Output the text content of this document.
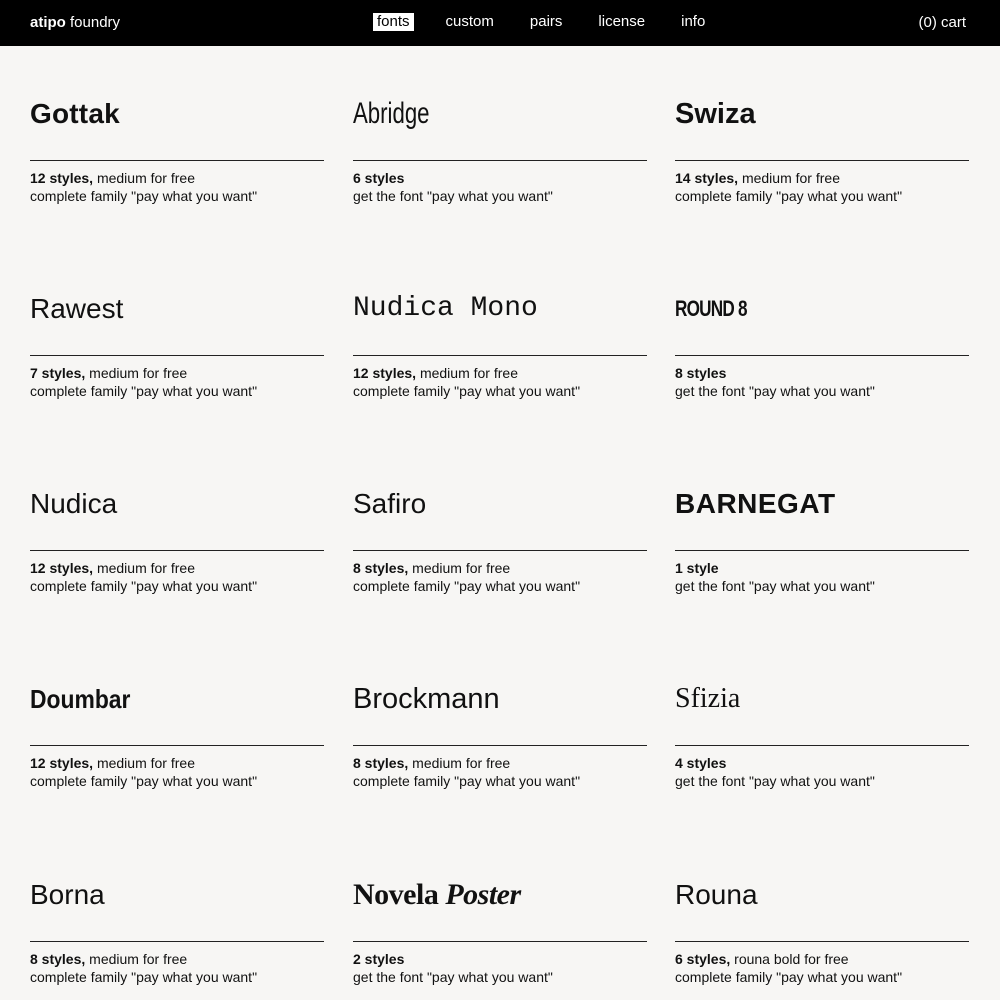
atipo foundry	fonts custom pairs license info	(0) cart
Gottak
12 styles, medium for free
complete family "pay what you want"
Abridge
6 styles
get the font "pay what you want"
Swiza
14 styles, medium for free
complete family "pay what you want"
Rawest
7 styles, medium for free
complete family "pay what you want"
Nudica Mono
12 styles, medium for free
complete family "pay what you want"
ROUND 8
8 styles
get the font "pay what you want"
Nudica
12 styles, medium for free
complete family "pay what you want"
Safiro
8 styles, medium for free
complete family "pay what you want"
BARNEGAT
1 style
get the font "pay what you want"
Doumbar
12 styles, medium for free
complete family "pay what you want"
Brockmann
8 styles, medium for free
complete family "pay what you want"
Sfizia
4 styles
get the font "pay what you want"
Borna
8 styles, medium for free
complete family "pay what you want"
Novela Poster
2 styles
get the font "pay what you want"
Rouna
6 styles, rouna bold for free
complete family "pay what you want"
